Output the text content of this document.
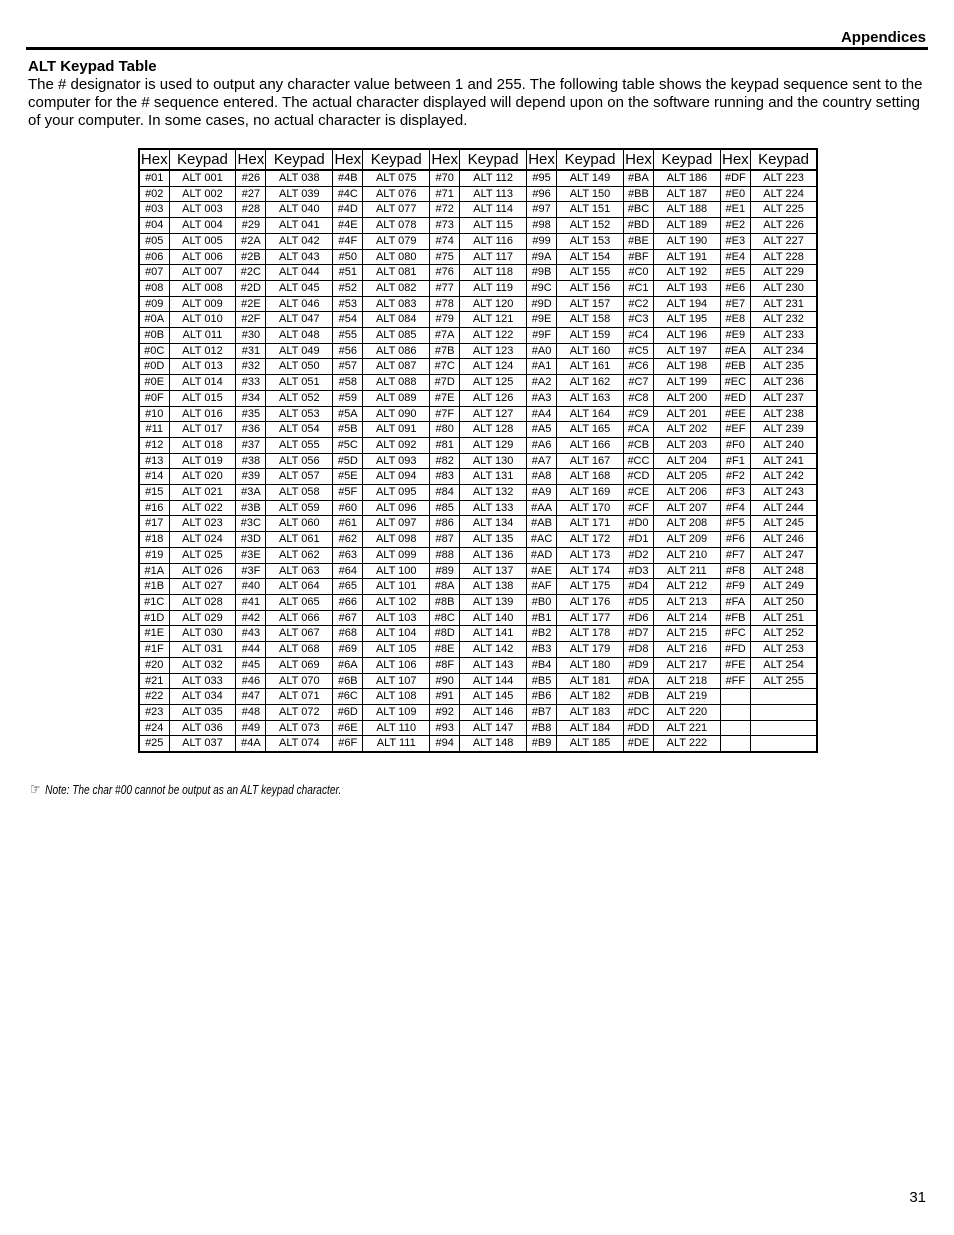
Appendices
ALT Keypad Table
The # designator is used to output any character value between 1 and 255. The following table shows the keypad sequence sent to the computer for the # sequence entered. The actual character displayed will depend upon on the software running and the country setting of your computer. In some cases, no actual character is displayed.
Hex	Keypad	Hex	Keypad	Hex	Keypad	Hex	Keypad	Hex	Keypad	Hex	Keypad	Hex	Keypad
#01	ALT 001	#26	ALT 038	#4B	ALT 075	#70	ALT 112	#95	ALT 149	#BA	ALT 186	#DF	ALT 223
#02	ALT 002	#27	ALT 039	#4C	ALT 076	#71	ALT 113	#96	ALT 150	#BB	ALT 187	#E0	ALT 224
#03	ALT 003	#28	ALT 040	#4D	ALT 077	#72	ALT 114	#97	ALT 151	#BC	ALT 188	#E1	ALT 225
#04	ALT 004	#29	ALT 041	#4E	ALT 078	#73	ALT 115	#98	ALT 152	#BD	ALT 189	#E2	ALT 226
#05	ALT 005	#2A	ALT 042	#4F	ALT 079	#74	ALT 116	#99	ALT 153	#BE	ALT 190	#E3	ALT 227
#06	ALT 006	#2B	ALT 043	#50	ALT 080	#75	ALT 117	#9A	ALT 154	#BF	ALT 191	#E4	ALT 228
#07	ALT 007	#2C	ALT 044	#51	ALT 081	#76	ALT 118	#9B	ALT 155	#C0	ALT 192	#E5	ALT 229
#08	ALT 008	#2D	ALT 045	#52	ALT 082	#77	ALT 119	#9C	ALT 156	#C1	ALT 193	#E6	ALT 230
#09	ALT 009	#2E	ALT 046	#53	ALT 083	#78	ALT 120	#9D	ALT 157	#C2	ALT 194	#E7	ALT 231
#0A	ALT 010	#2F	ALT 047	#54	ALT 084	#79	ALT 121	#9E	ALT 158	#C3	ALT 195	#E8	ALT 232
#0B	ALT 011	#30	ALT 048	#55	ALT 085	#7A	ALT 122	#9F	ALT 159	#C4	ALT 196	#E9	ALT 233
#0C	ALT 012	#31	ALT 049	#56	ALT 086	#7B	ALT 123	#A0	ALT 160	#C5	ALT 197	#EA	ALT 234
#0D	ALT 013	#32	ALT 050	#57	ALT 087	#7C	ALT 124	#A1	ALT 161	#C6	ALT 198	#EB	ALT 235
#0E	ALT 014	#33	ALT 051	#58	ALT 088	#7D	ALT 125	#A2	ALT 162	#C7	ALT 199	#EC	ALT 236
#0F	ALT 015	#34	ALT 052	#59	ALT 089	#7E	ALT 126	#A3	ALT 163	#C8	ALT 200	#ED	ALT 237
#10	ALT 016	#35	ALT 053	#5A	ALT 090	#7F	ALT 127	#A4	ALT 164	#C9	ALT 201	#EE	ALT 238
#11	ALT 017	#36	ALT 054	#5B	ALT 091	#80	ALT 128	#A5	ALT 165	#CA	ALT 202	#EF	ALT 239
#12	ALT 018	#37	ALT 055	#5C	ALT 092	#81	ALT 129	#A6	ALT 166	#CB	ALT 203	#F0	ALT 240
#13	ALT 019	#38	ALT 056	#5D	ALT 093	#82	ALT 130	#A7	ALT 167	#CC	ALT 204	#F1	ALT 241
#14	ALT 020	#39	ALT 057	#5E	ALT 094	#83	ALT 131	#A8	ALT 168	#CD	ALT 205	#F2	ALT 242
#15	ALT 021	#3A	ALT 058	#5F	ALT 095	#84	ALT 132	#A9	ALT 169	#CE	ALT 206	#F3	ALT 243
#16	ALT 022	#3B	ALT 059	#60	ALT 096	#85	ALT 133	#AA	ALT 170	#CF	ALT 207	#F4	ALT 244
#17	ALT 023	#3C	ALT 060	#61	ALT 097	#86	ALT 134	#AB	ALT 171	#D0	ALT 208	#F5	ALT 245
#18	ALT 024	#3D	ALT 061	#62	ALT 098	#87	ALT 135	#AC	ALT 172	#D1	ALT 209	#F6	ALT 246
#19	ALT 025	#3E	ALT 062	#63	ALT 099	#88	ALT 136	#AD	ALT 173	#D2	ALT 210	#F7	ALT 247
#1A	ALT 026	#3F	ALT 063	#64	ALT 100	#89	ALT 137	#AE	ALT 174	#D3	ALT 211	#F8	ALT 248
#1B	ALT 027	#40	ALT 064	#65	ALT 101	#8A	ALT 138	#AF	ALT 175	#D4	ALT 212	#F9	ALT 249
#1C	ALT 028	#41	ALT 065	#66	ALT 102	#8B	ALT 139	#B0	ALT 176	#D5	ALT 213	#FA	ALT 250
#1D	ALT 029	#42	ALT 066	#67	ALT 103	#8C	ALT 140	#B1	ALT 177	#D6	ALT 214	#FB	ALT 251
#1E	ALT 030	#43	ALT 067	#68	ALT 104	#8D	ALT 141	#B2	ALT 178	#D7	ALT 215	#FC	ALT 252
#1F	ALT 031	#44	ALT 068	#69	ALT 105	#8E	ALT 142	#B3	ALT 179	#D8	ALT 216	#FD	ALT 253
#20	ALT 032	#45	ALT 069	#6A	ALT 106	#8F	ALT 143	#B4	ALT 180	#D9	ALT 217	#FE	ALT 254
#21	ALT 033	#46	ALT 070	#6B	ALT 107	#90	ALT 144	#B5	ALT 181	#DA	ALT 218	#FF	ALT 255
#22	ALT 034	#47	ALT 071	#6C	ALT 108	#91	ALT 145	#B6	ALT 182	#DB	ALT 219		
#23	ALT 035	#48	ALT 072	#6D	ALT 109	#92	ALT 146	#B7	ALT 183	#DC	ALT 220		
#24	ALT 036	#49	ALT 073	#6E	ALT 110	#93	ALT 147	#B8	ALT 184	#DD	ALT 221		
#25	ALT 037	#4A	ALT 074	#6F	ALT 111	#94	ALT 148	#B9	ALT 185	#DE	ALT 222		
☞ Note: The char #00 cannot be output as an ALT keypad character.
31
